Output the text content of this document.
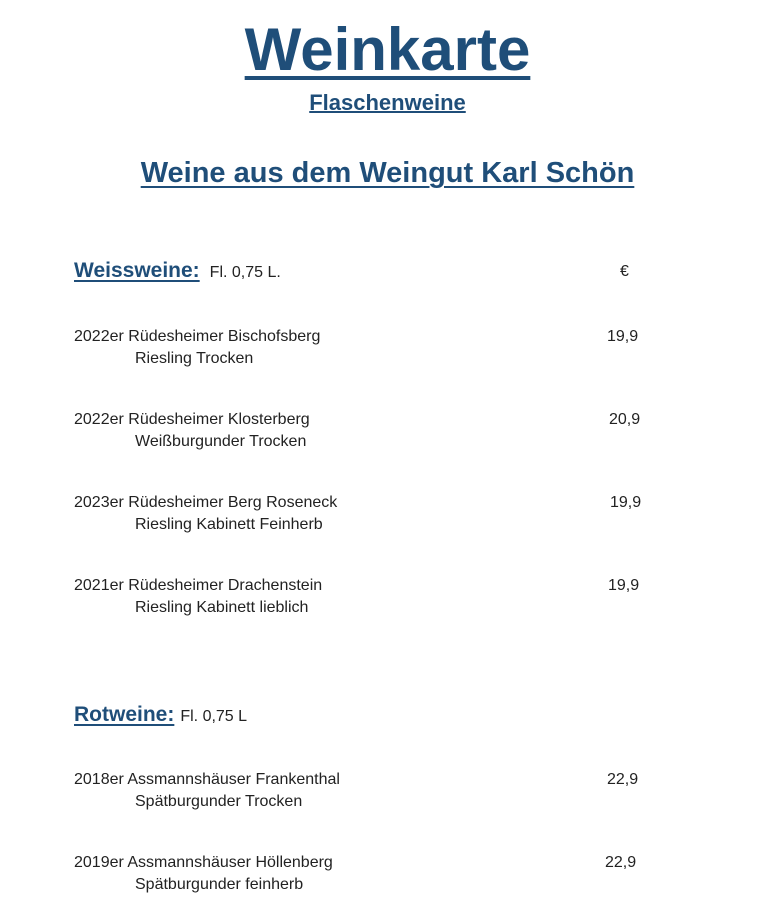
Weinkarte
Flaschenweine
Weine aus dem Weingut Karl Schön
Weissweine: Fl. 0,75 L.	€
2022er Rüdesheimer Bischofsberg
Riesling Trocken
19,9
2022er Rüdesheimer Klosterberg
Weißburgunder Trocken
20,9
2023er Rüdesheimer Berg Roseneck
Riesling Kabinett Feinherb
19,9
2021er Rüdesheimer Drachenstein
Riesling Kabinett lieblich
19,9
Rotweine: Fl. 0,75 L
2018er Assmannshäuser Frankenthal
Spätburgunder Trocken
22,9
2019er Assmannshäuser Höllenberg
Spätburgunder feinherb
22,9
